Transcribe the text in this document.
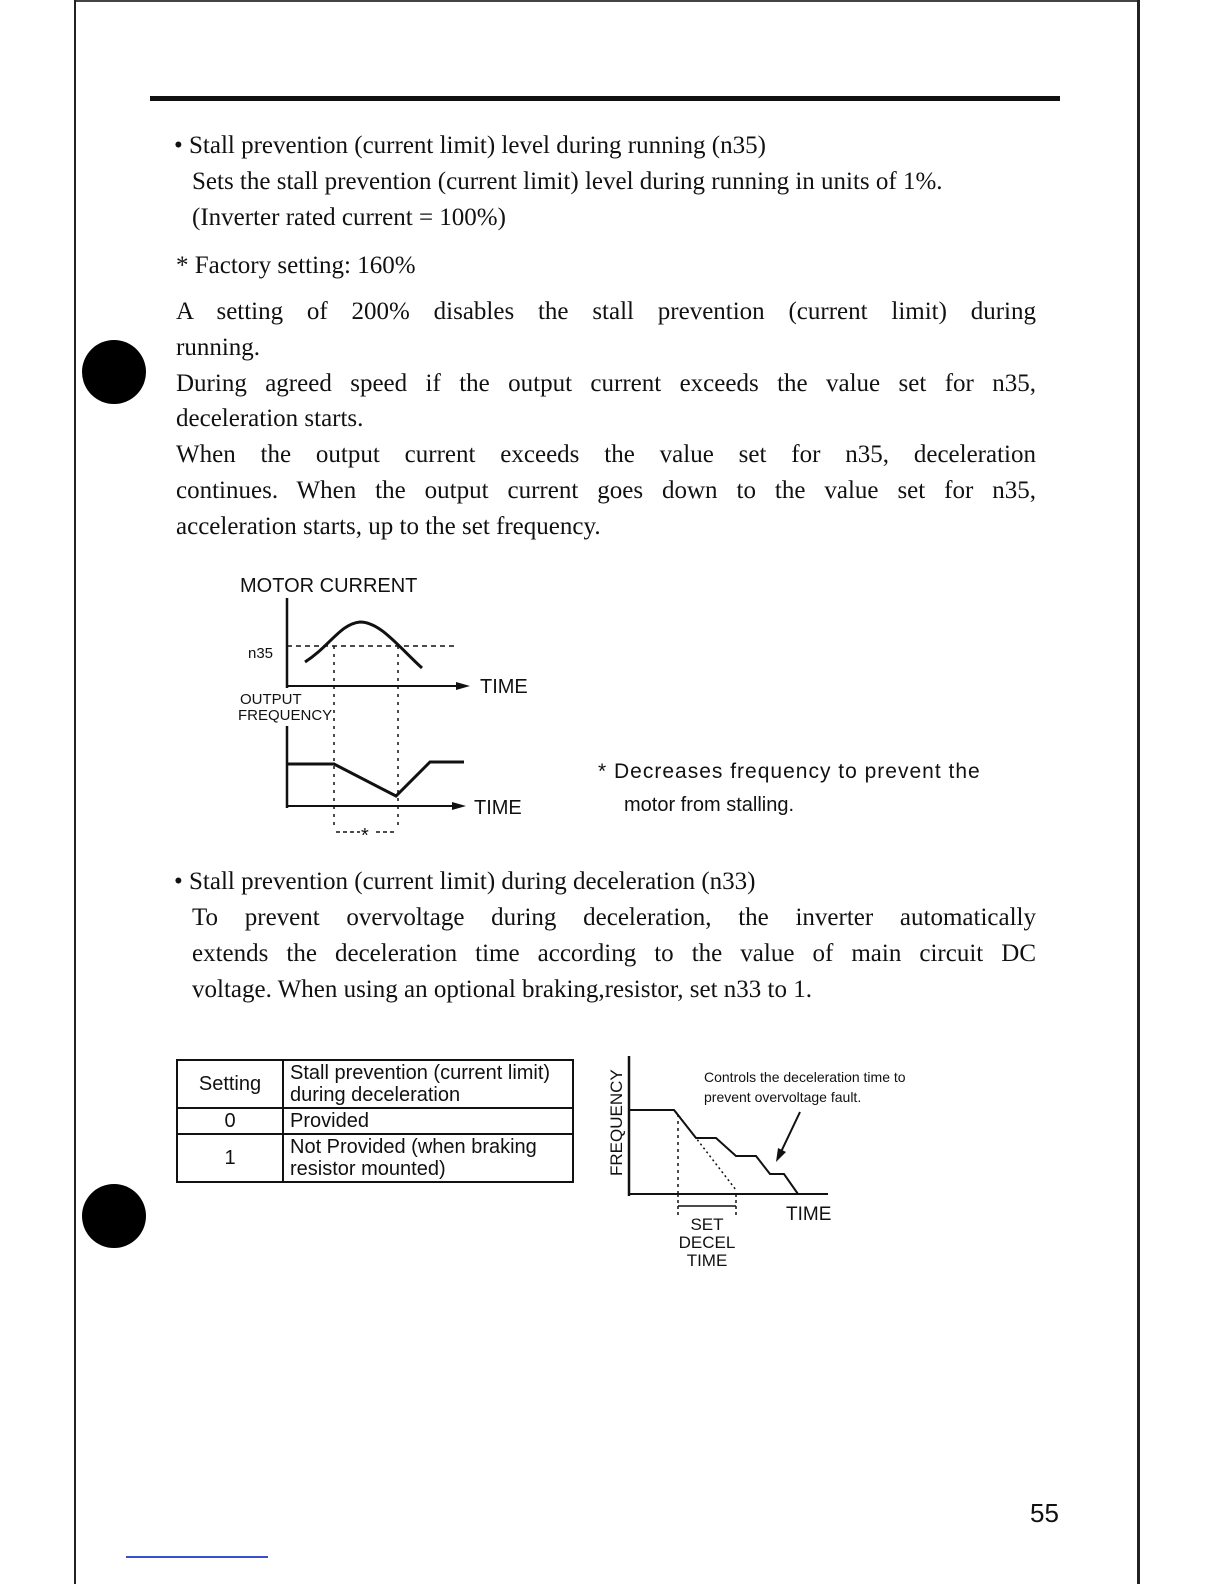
• Stall prevention (current limit) level during running (n35)
Sets the stall prevention (current limit) level during running in units of 1%.
(Inverter rated current = 100%)
* Factory setting: 160%
A setting of 200% disables the stall prevention (current limit) during
running.
During agreed speed if the output current exceeds the value set for n35,
deceleration starts.
When the output current exceeds the value set for n35, deceleration
continues. When the output current goes down to the value set for n35,
acceleration starts, up to the set frequency.
MOTOR CURRENT
n35
TIME
OUTPUT
FREQUENCY
TIME
*
* Decreases frequency to prevent the
motor from stalling.
• Stall prevention (current limit) during deceleration (n33)
To prevent overvoltage during deceleration, the inverter automatically
extends the deceleration time according to the value of main circuit DC
voltage. When using an optional braking,resistor, set n33 to 1.
Setting	Stall prevention (current limit)
during deceleration

0	Provided
1	Not Provided (when braking
resistor mounted)	FREQUENCY
TIME
Controls the deceleration time to
prevent overvoltage fault.
SET
DECEL
TIME
55
